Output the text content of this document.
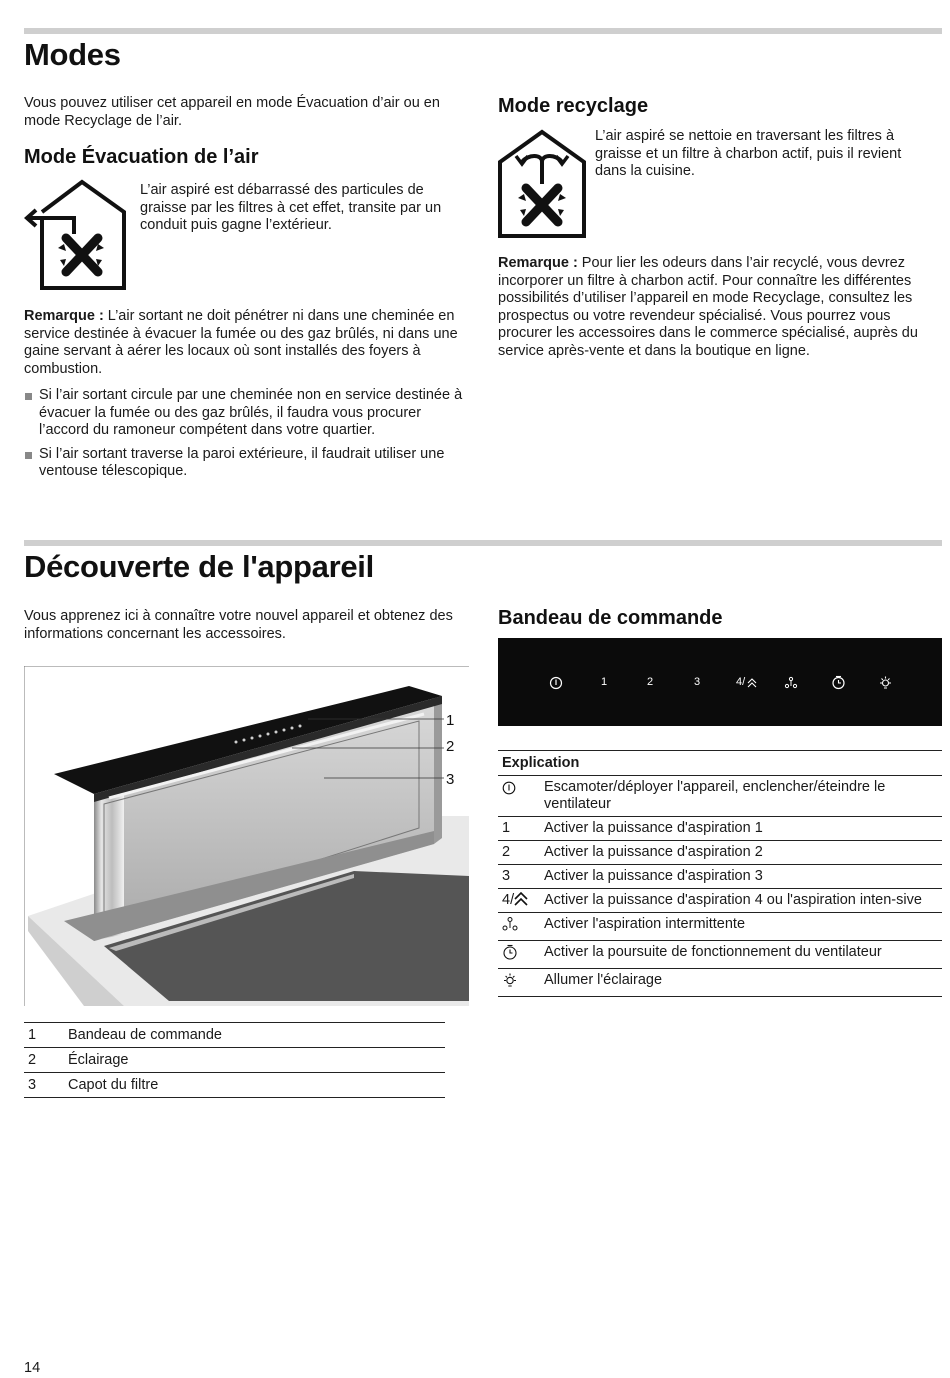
Modes

Vous pouvez utiliser cet appareil en mode Évacuation d’air ou en mode Recyclage de l’air.

Mode Évacuation de l’air

L’air aspiré est débarrassé des particules de graisse par les filtres à cet effet, transite par un conduit puis gagne l’extérieur.

Remarque : L’air sortant ne doit pénétrer ni dans une cheminée en service destinée à évacuer la fumée ou des gaz brûlés, ni dans une gaine servant à aérer les locaux où sont installés des foyers à combustion.

Si l’air sortant circule par une cheminée non en service destinée à évacuer la fumée ou des gaz brûlés, il faudra vous procurer l’accord du ramoneur compétent dans votre quartier.
Si l’air sortant traverse la paroi extérieure, il faudrait utiliser une ventouse télescopique.
Mode recyclage

L’air aspiré se nettoie en traversant les filtres à graisse et un filtre à charbon actif, puis il revient dans la cuisine.

Remarque : Pour lier les odeurs dans l’air recyclé, vous devrez incorporer un filtre à charbon actif. Pour connaître les différentes possibilités d’utiliser l’appareil en mode Recyclage, consultez les prospectus ou votre revendeur spécialisé. Vous pourrez vous procurer les accessoires dans le commerce spécialisé, auprès du service après-vente et dans la boutique en ligne.

Découverte de l'appareil

Vous apprenez ici à connaître votre nouvel appareil et obtenez des informations concernant les accessoires.

1
2
3
1	Bandeau de commande
2	Éclairage
3	Capot du filtre
Bandeau de commande
1	2	3	4/
Explication	
	Escamoter/déployer l'appareil, enclencher/éteindre le ventilateur
1	Activer la puissance d'aspiration 1
2	Activer la puissance d'aspiration 2
3	Activer la puissance d'aspiration 3
4/	Activer la puissance d'aspiration 4 ou l'aspiration inten-sive
	Activer l'aspiration intermittente
	Activer la poursuite de fonctionnement du ventilateur
	Allumer l'éclairage
14
